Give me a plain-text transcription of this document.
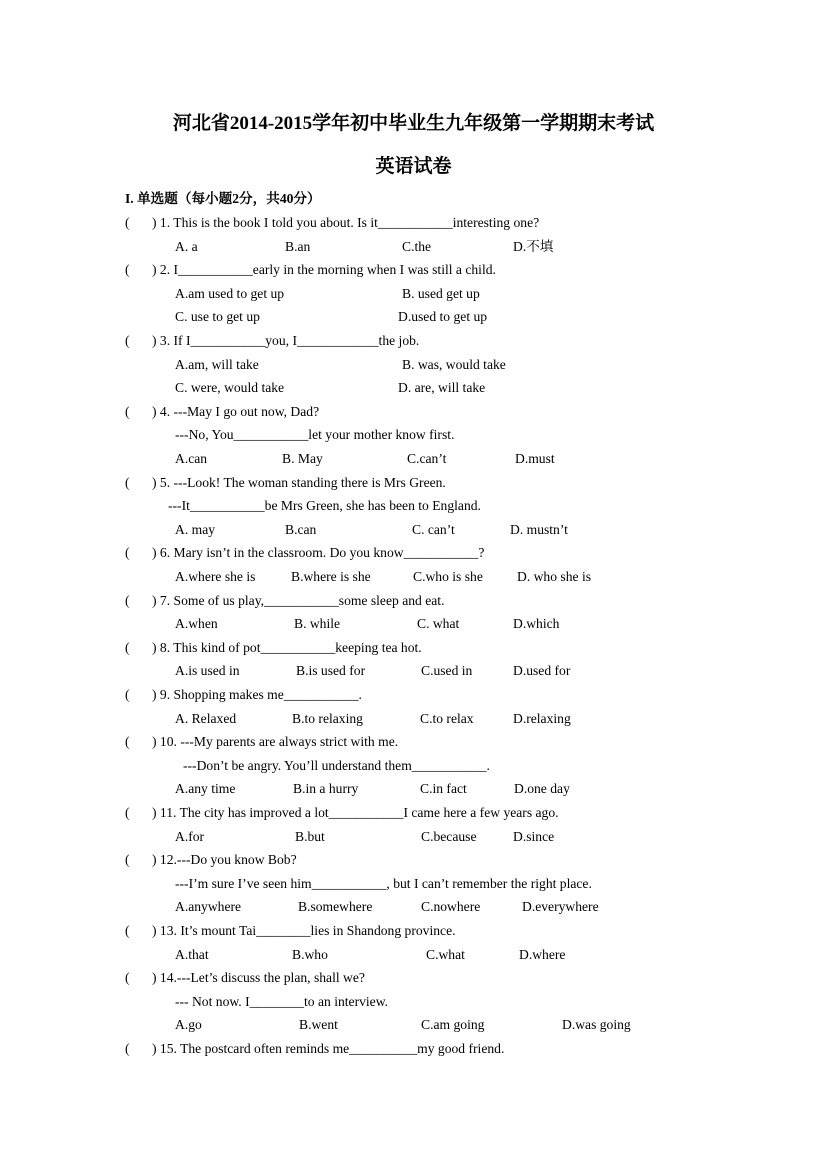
河北省2014-2015学年初中毕业生九年级第一学期期末考试
英语试卷
I. 单选题（每小题2分，共40分）
( ) 1. This is the book I told you about. Is it___________interesting one?
A. a	B.an	C.the	D.不填
( ) 2. I___________early in the morning when I was still a child.
A.am used to get up	B. used get up
C. use to get up	D.used to get up
( ) 3. If I___________you, I____________the job.
A.am, will take	B. was, would take
C. were, would take	D. are, will take
( ) 4. ---May I go out now, Dad?
---No, You___________let your mother know first.
A.can	B. May	C.can’t	D.must
( ) 5. ---Look! The woman standing there is Mrs Green.
---It___________be Mrs Green, she has been to England.
A. may	B.can	C. can’t	D. mustn’t
( ) 6. Mary isn’t in the classroom. Do you know___________?
A.where she is	B.where is she	C.who is she	D. who she is
( ) 7. Some of us play,___________some sleep and eat.
A.when	B. while	C. what	D.which
( ) 8. This kind of pot___________keeping tea hot.
A.is used in	B.is used for	C.used in	D.used for
( ) 9. Shopping makes me___________.
A. Relaxed	B.to relaxing	C.to relax	D.relaxing
( ) 10. ---My parents are always strict with me.
---Don’t be angry. You’ll understand them___________.
A.any time	B.in a hurry	C.in fact	D.one day
( ) 11. The city has improved a lot___________I came here a few years ago.
A.for	B.but	C.because	D.since
( ) 12.---Do you know Bob?
---I’m sure I’ve seen him___________, but I can’t remember the right place.
A.anywhere	B.somewhere	C.nowhere	D.everywhere
( ) 13. It’s mount Tai________lies in Shandong province.
A.that	B.who	C.what	D.where
( ) 14.---Let’s discuss the plan, shall we?
--- Not now. I________to an interview.
A.go	B.went	C.am going	D.was going
( ) 15. The postcard often reminds me__________my good friend.
